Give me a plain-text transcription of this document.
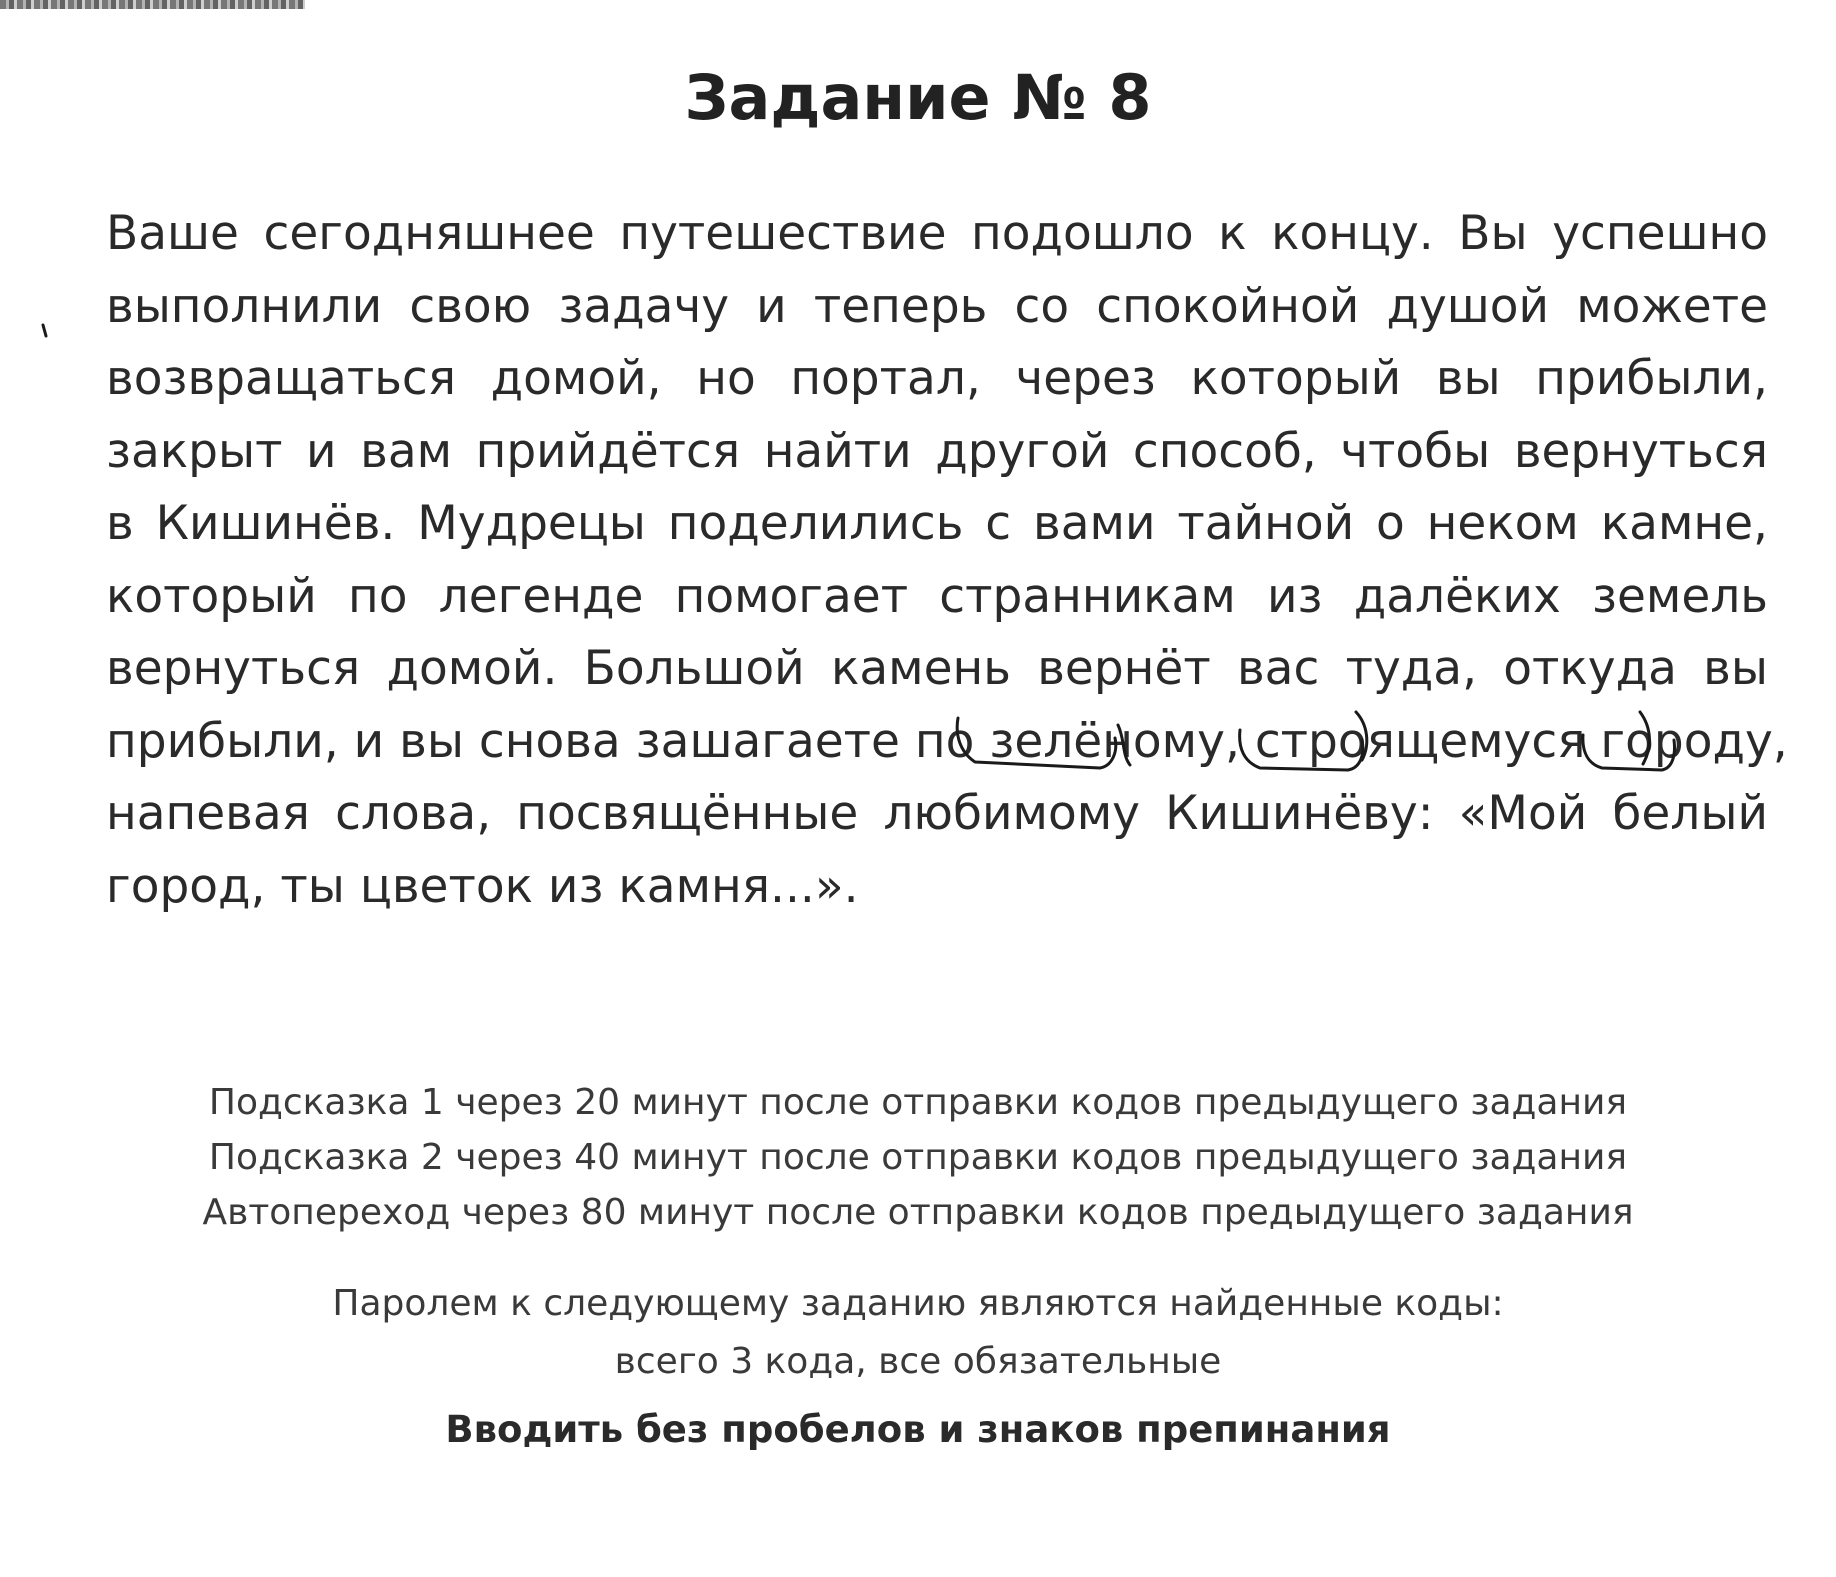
Задание № 8
Ваше сегодняшнее путешествие подошло к концу. Вы успешно
выполнили свою задачу и теперь со спокойной душой можете
возвращаться домой, но портал, через который вы прибыли,
закрыт и вам прийдётся найти другой способ, чтобы вернуться
в Кишинёв. Мудрецы поделились с вами тайной о неком камне,
который по легенде помогает странникам из далёких земель
вернуться домой. Большой камень вернёт вас туда, откуда вы
прибыли, и вы снова зашагаете по зелёному, строящемуся городу,
напевая слова, посвящённые любимому Кишинёву: «Мой белый
город, ты цветок из камня...».
Подсказка 1 через 20 минут после отправки кодов предыдущего задания
Подсказка 2 через 40 минут после отправки кодов предыдущего задания
Автопереход через 80 минут после отправки кодов предыдущего задания
Паролем к следующему заданию являются найденные коды:
всего 3 кода, все обязательные
Вводить без пробелов и знаков препинания
